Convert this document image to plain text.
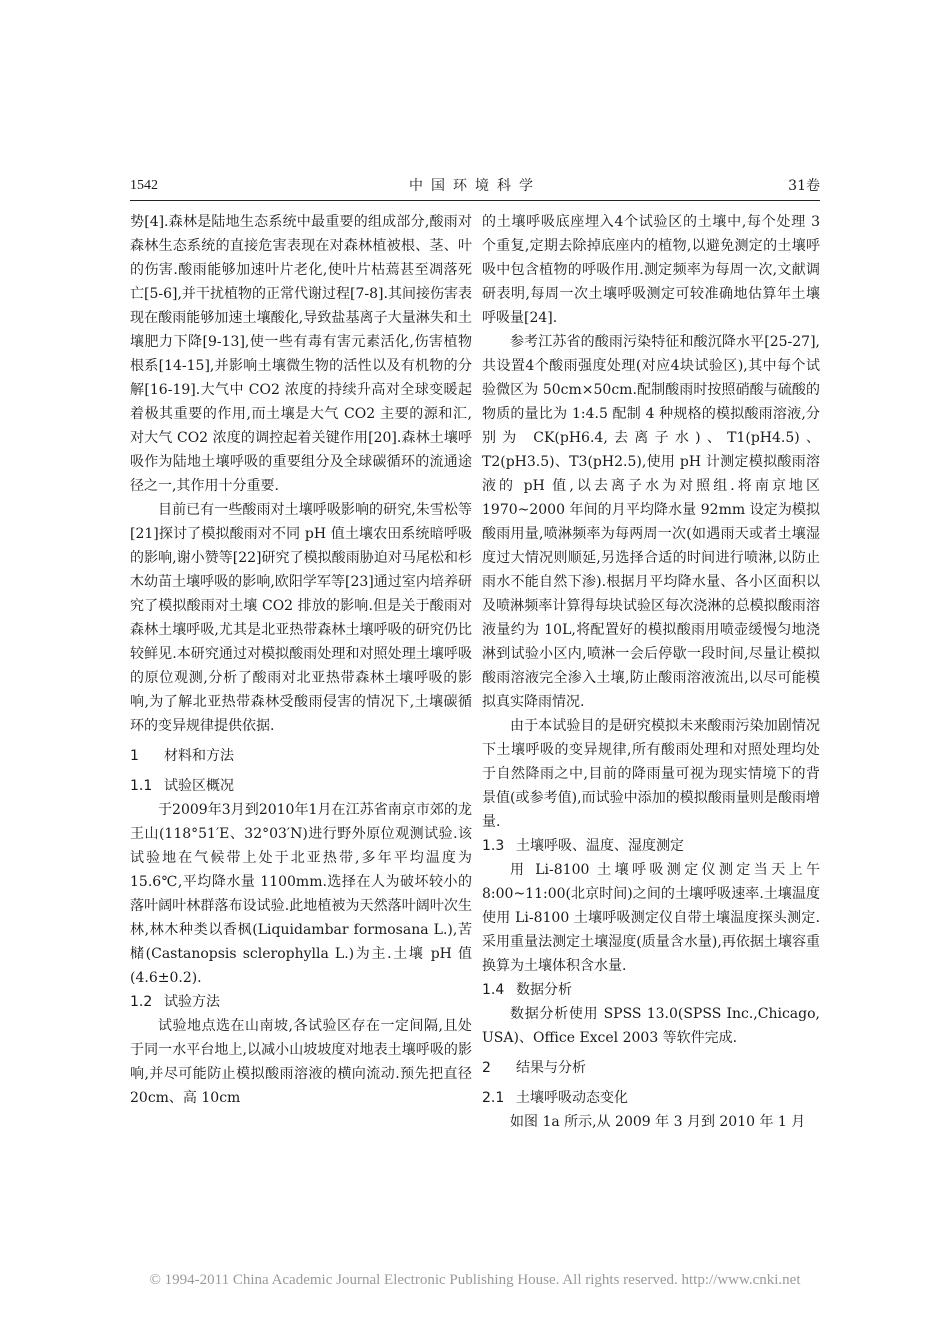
1542	中国环境科学	31卷

势[4].森林是陆地生态系统中最重要的组成部分,酸雨对森林生态系统的直接危害表现在对森林植被根、茎、叶的伤害.酸雨能够加速叶片老化,使叶片枯蔫甚至凋落死亡[5-6],并干扰植物的正常代谢过程[7-8].其间接伤害表现在酸雨能够加速土壤酸化,导致盐基离子大量淋失和土壤肥力下降[9-13],使一些有毒有害元素活化,伤害植物根系[14-15],并影响土壤微生物的活性以及有机物的分解[16-19].大气中 CO2 浓度的持续升高对全球变暖起着极其重要的作用,而土壤是大气 CO2 主要的源和汇,对大气 CO2 浓度的调控起着关键作用[20].森林土壤呼吸作为陆地土壤呼吸的重要组分及全球碳循环的流通途径之一,其作用十分重要.

目前已有一些酸雨对土壤呼吸影响的研究,朱雪松等[21]探讨了模拟酸雨对不同 pH 值土壤农田系统暗呼吸的影响,谢小赞等[22]研究了模拟酸雨胁迫对马尾松和杉木幼苗土壤呼吸的影响,欧阳学军等[23]通过室内培养研究了模拟酸雨对土壤 CO2 排放的影响.但是关于酸雨对森林土壤呼吸,尤其是北亚热带森林土壤呼吸的研究仍比较鲜见.本研究通过对模拟酸雨处理和对照处理土壤呼吸的原位观测,分析了酸雨对北亚热带森林土壤呼吸的影响,为了解北亚热带森林受酸雨侵害的情况下,土壤碳循环的变异规律提供依据.

1 材料和方法
1.1 试验区概况

于2009年3月到2010年1月在江苏省南京市郊的龙王山(118°51′E、32°03′N)进行野外原位观测试验.该试验地在气候带上处于北亚热带,多年平均温度为 15.6℃,平均降水量 1100mm.选择在人为破坏较小的落叶阔叶林群落布设试验.此地植被为天然落叶阔叶次生林,林木种类以香枫(Liquidambar formosana L.),苦槠(Castanopsis sclerophylla L.)为主.土壤 pH 值(4.6±0.2).

1.2 试验方法

试验地点选在山南坡,各试验区存在一定间隔,且处于同一水平台地上,以减小山坡坡度对地表土壤呼吸的影响,并尽可能防止模拟酸雨溶液的横向流动.预先把直径 20cm、高 10cm

的土壤呼吸底座埋入4个试验区的土壤中,每个处理 3 个重复,定期去除掉底座内的植物,以避免测定的土壤呼吸中包含植物的呼吸作用.测定频率为每周一次,文献调研表明,每周一次土壤呼吸测定可较准确地估算年土壤呼吸量[24].

参考江苏省的酸雨污染特征和酸沉降水平[25-27],共设置4个酸雨强度处理(对应4块试验区),其中每个试验微区为 50cm×50cm.配制酸雨时按照硝酸与硫酸的物质的量比为 1:4.5 配制 4 种规格的模拟酸雨溶液,分别为 CK(pH6.4,去离子水)、T1(pH4.5)、T2(pH3.5)、T3(pH2.5),使用 pH 计测定模拟酸雨溶液的 pH 值,以去离子水为对照组.将南京地区 1970~2000 年间的月平均降水量 92mm 设定为模拟酸雨用量,喷淋频率为每两周一次(如遇雨天或者土壤湿度过大情况则顺延,另选择合适的时间进行喷淋,以防止雨水不能自然下渗).根据月平均降水量、各小区面积以及喷淋频率计算得每块试验区每次浇淋的总模拟酸雨溶液量约为 10L,将配置好的模拟酸雨用喷壶缓慢匀地浇淋到试验小区内,喷淋一会后停歇一段时间,尽量让模拟酸雨溶液完全渗入土壤,防止酸雨溶液流出,以尽可能模拟真实降雨情况.

由于本试验目的是研究模拟未来酸雨污染加剧情况下土壤呼吸的变异规律,所有酸雨处理和对照处理均处于自然降雨之中,目前的降雨量可视为现实情境下的背景值(或参考值),而试验中添加的模拟酸雨量则是酸雨增量.

1.3 土壤呼吸、温度、湿度测定

用 Li-8100 土壤呼吸测定仪测定当天上午 8:00~11:00(北京时间)之间的土壤呼吸速率.土壤温度使用 Li-8100 土壤呼吸测定仪自带土壤温度探头测定.采用重量法测定土壤湿度(质量含水量),再依据土壤容重换算为土壤体积含水量.

1.4 数据分析

数据分析使用 SPSS 13.0(SPSS Inc.,Chicago, USA)、Office Excel 2003 等软件完成.

2 结果与分析
2.1 土壤呼吸动态变化

如图 1a 所示,从 2009 年 3 月到 2010 年 1 月

© 1994-2011 China Academic Journal Electronic Publishing House. All rights reserved. http://www.cnki.net
